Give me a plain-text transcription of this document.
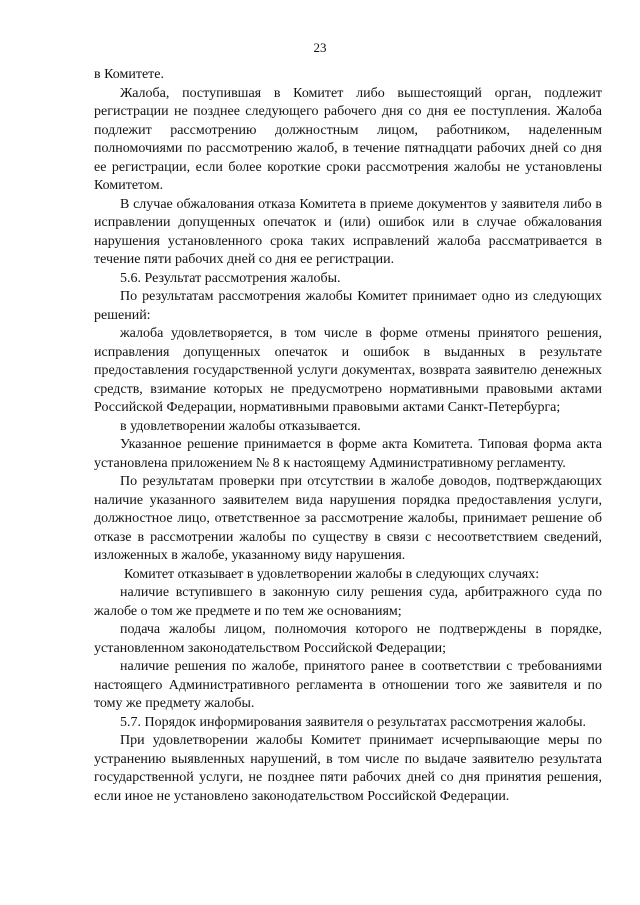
23

в Комитете.

Жалоба, поступившая в Комитет либо вышестоящий орган, подлежит регистрации не позднее следующего рабочего дня со дня ее поступления. Жалоба подлежит рассмотрению должностным лицом, работником, наделенным полномочиями по рассмотрению жалоб, в течение пятнадцати рабочих дней со дня ее регистрации, если более короткие сроки рассмотрения жалобы не установлены Комитетом.

В случае обжалования отказа Комитета в приеме документов у заявителя либо в исправлении допущенных опечаток и (или) ошибок или в случае обжалования нарушения установленного срока таких исправлений жалоба рассматривается в течение пяти рабочих дней со дня ее регистрации.

5.6. Результат рассмотрения жалобы.

По результатам рассмотрения жалобы Комитет принимает одно из следующих решений:

жалоба удовлетворяется, в том числе в форме отмены принятого решения, исправления допущенных опечаток и ошибок в выданных в результате предоставления государственной услуги документах, возврата заявителю денежных средств, взимание которых не предусмотрено нормативными правовыми актами Российской Федерации, нормативными правовыми актами Санкт-Петербурга;

в удовлетворении жалобы отказывается.

Указанное решение принимается в форме акта Комитета. Типовая форма акта установлена приложением № 8 к настоящему Административному регламенту.

По результатам проверки при отсутствии в жалобе доводов, подтверждающих наличие указанного заявителем вида нарушения порядка предоставления услуги, должностное лицо, ответственное за рассмотрение жалобы, принимает решение об отказе в рассмотрении жалобы по существу в связи с несоответствием сведений, изложенных в жалобе, указанному виду нарушения.

Комитет отказывает в удовлетворении жалобы в следующих случаях:

наличие вступившего в законную силу решения суда, арбитражного суда по жалобе о том же предмете и по тем же основаниям;

подача жалобы лицом, полномочия которого не подтверждены в порядке, установленном законодательством Российской Федерации;

наличие решения по жалобе, принятого ранее в соответствии с требованиями настоящего Административного регламента в отношении того же заявителя и по тому же предмету жалобы.

5.7. Порядок информирования заявителя о результатах рассмотрения жалобы.

При удовлетворении жалобы Комитет принимает исчерпывающие меры по устранению выявленных нарушений, в том числе по выдаче заявителю результата государственной услуги, не позднее пяти рабочих дней со дня принятия решения, если иное не установлено законодательством Российской Федерации.
